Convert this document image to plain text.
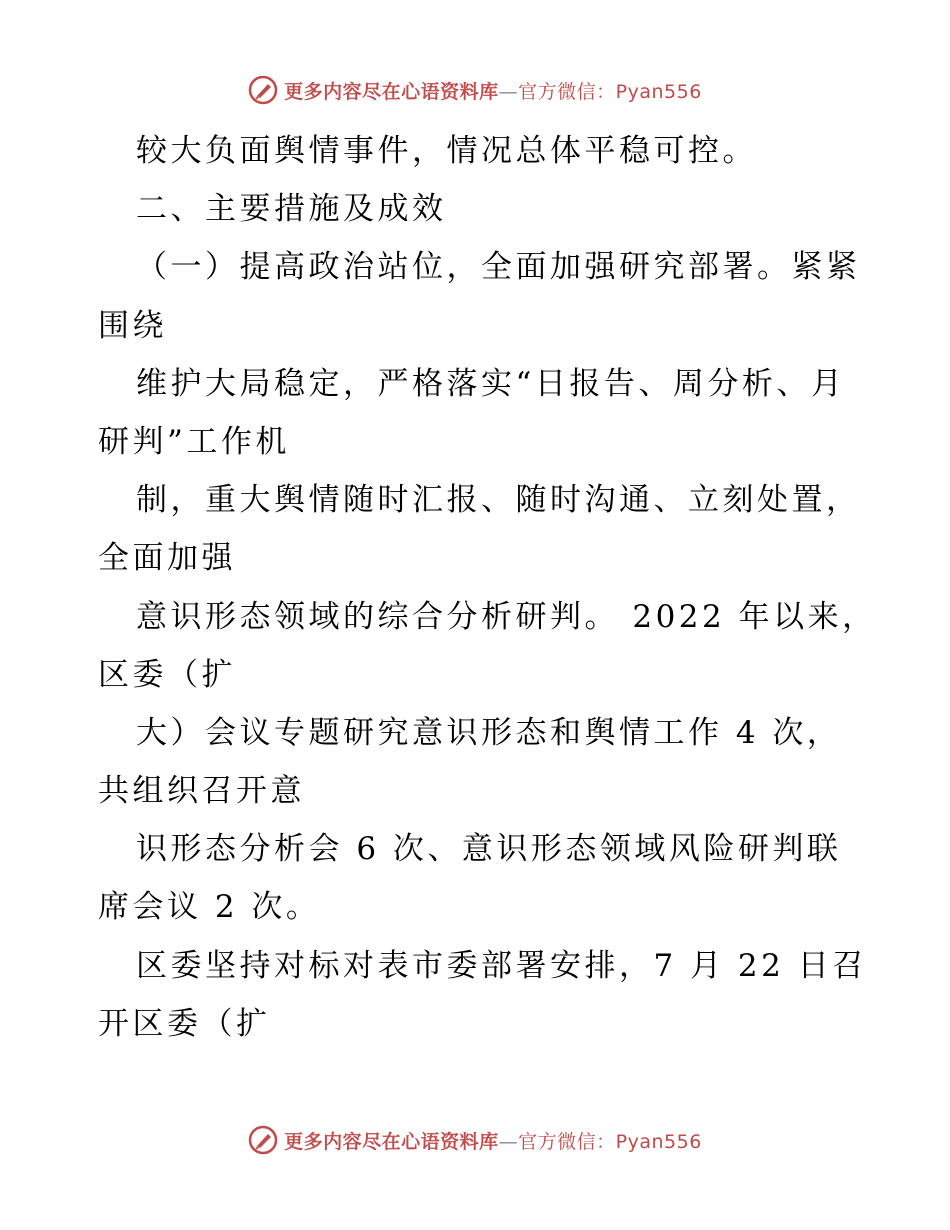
更多内容尽在心语资料库—官方微信：Pyan556
较大负面舆情事件，情况总体平稳可控。
二、主要措施及成效
（一）提高政治站位，全面加强研究部署。紧紧
围绕
维护大局稳定，严格落实“日报告、周分析、月
研判”工作机
制，重大舆情随时汇报、随时沟通、立刻处置，
全面加强
意识形态领域的综合分析研判。 2022 年以来，
区委（扩
大）会议专题研究意识形态和舆情工作 4 次，
共组织召开意
识形态分析会 6 次、意识形态领域风险研判联
席会议 2 次。
区委坚持对标对表市委部署安排，7 月 22 日召
开区委（扩
更多内容尽在心语资料库—官方微信：Pyan556
